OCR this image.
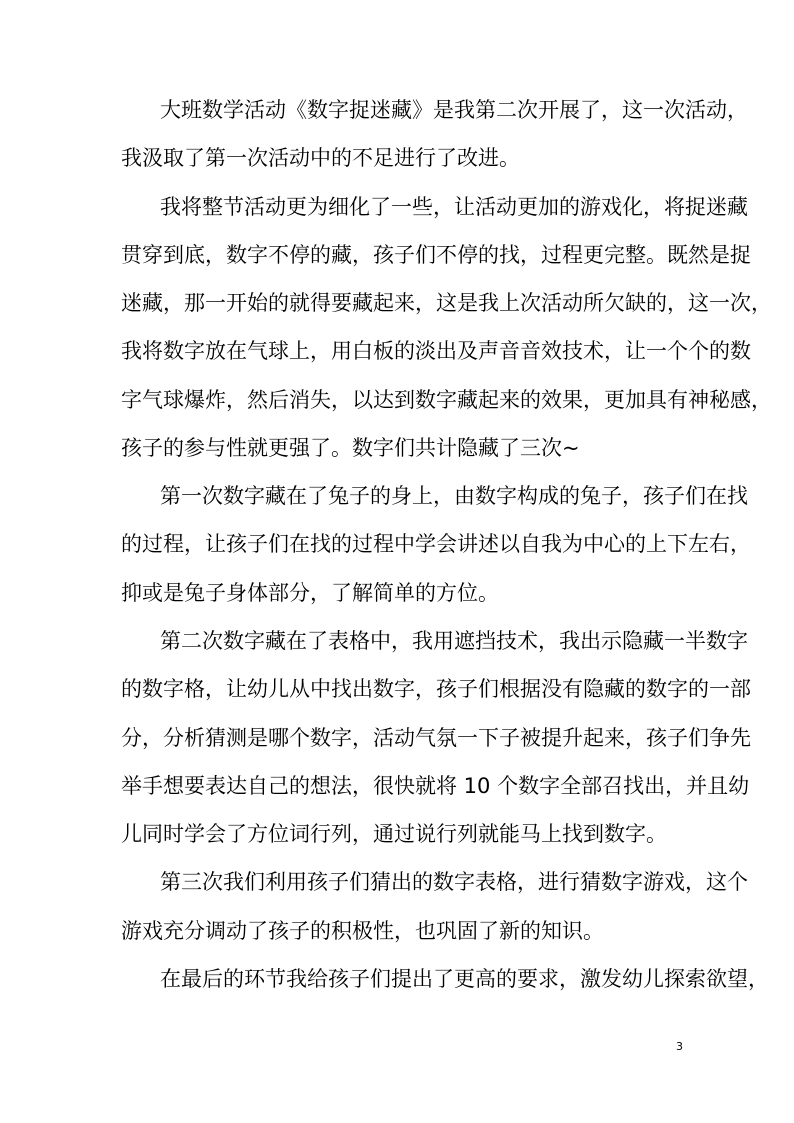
大班数学活动《数字捉迷藏》是我第二次开展了，这一次活动，
我汲取了第一次活动中的不足进行了改进。
我将整节活动更为细化了一些，让活动更加的游戏化，将捉迷藏
贯穿到底，数字不停的藏，孩子们不停的找，过程更完整。既然是捉
迷藏，那一开始的就得要藏起来，这是我上次活动所欠缺的，这一次，
我将数字放在气球上，用白板的淡出及声音音效技术，让一个个的数
字气球爆炸，然后消失，以达到数字藏起来的效果，更加具有神秘感，
孩子的参与性就更强了。数字们共计隐藏了三次~
第一次数字藏在了兔子的身上，由数字构成的兔子，孩子们在找
的过程，让孩子们在找的过程中学会讲述以自我为中心的上下左右，
抑或是兔子身体部分，了解简单的方位。
第二次数字藏在了表格中，我用遮挡技术，我出示隐藏一半数字
的数字格，让幼儿从中找出数字，孩子们根据没有隐藏的数字的一部
分，分析猜测是哪个数字，活动气氛一下子被提升起来，孩子们争先
举手想要表达自己的想法，很快就将 10 个数字全部召找出，并且幼
儿同时学会了方位词行列，通过说行列就能马上找到数字。
第三次我们利用孩子们猜出的数字表格，进行猜数字游戏，这个
游戏充分调动了孩子的积极性，也巩固了新的知识。
在最后的环节我给孩子们提出了更高的要求，激发幼儿探索欲望，
3
